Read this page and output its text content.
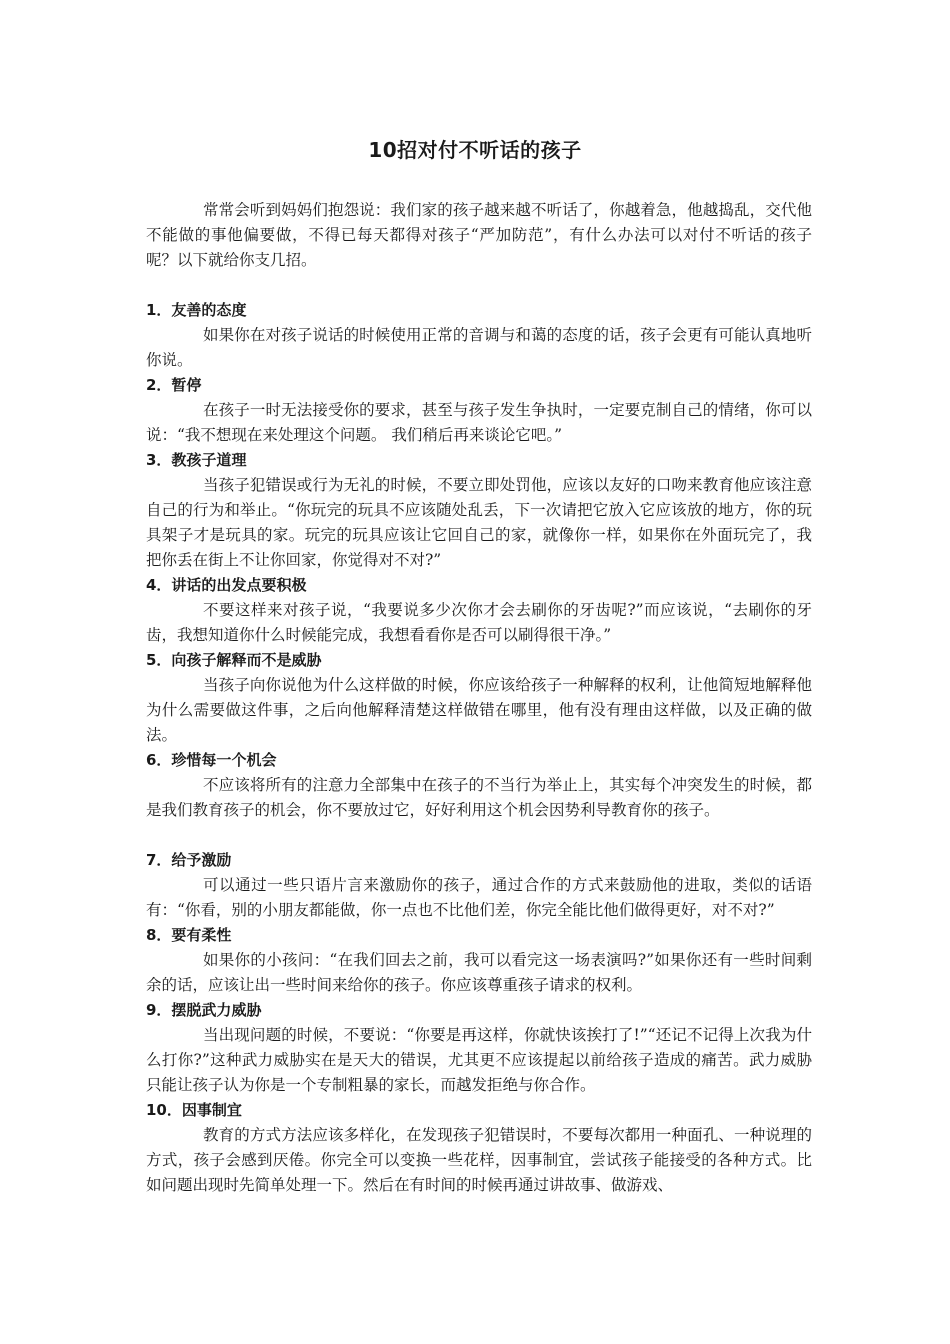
10招对付不听话的孩子

常常会听到妈妈们抱怨说：我们家的孩子越来越不听话了，你越着急，他越捣乱，交代他不能做的事他偏要做，不得已每天都得对孩子“严加防范”，有什么办法可以对付不听话的孩子呢？以下就给你支几招。

1．友善的态度

如果你在对孩子说话的时候使用正常的音调与和蔼的态度的话，孩子会更有可能认真地听你说。

2．暂停

在孩子一时无法接受你的要求，甚至与孩子发生争执时，一定要克制自己的情绪，你可以说：“我不想现在来处理这个问题。 我们稍后再来谈论它吧。”

3．教孩子道理

当孩子犯错误或行为无礼的时候，不要立即处罚他，应该以友好的口吻来教育他应该注意自己的行为和举止。“你玩完的玩具不应该随处乱丢，下一次请把它放入它应该放的地方，你的玩具架子才是玩具的家。玩完的玩具应该让它回自己的家，就像你一样，如果你在外面玩完了，我把你丢在街上不让你回家，你觉得对不对?”

4．讲话的出发点要积极

不要这样来对孩子说，“我要说多少次你才会去刷你的牙齿呢?”而应该说，“去刷你的牙齿，我想知道你什么时候能完成，我想看看你是否可以刷得很干净。”

5．向孩子解释而不是威胁

当孩子向你说他为什么这样做的时候，你应该给孩子一种解释的权利，让他简短地解释他为什么需要做这件事，之后向他解释清楚这样做错在哪里，他有没有理由这样做，以及正确的做法。

6．珍惜每一个机会

不应该将所有的注意力全部集中在孩子的不当行为举止上，其实每个冲突发生的时候，都是我们教育孩子的机会，你不要放过它，好好利用这个机会因势利导教育你的孩子。

7．给予激励

可以通过一些只语片言来激励你的孩子，通过合作的方式来鼓励他的进取，类似的话语有：“你看，别的小朋友都能做，你一点也不比他们差，你完全能比他们做得更好，对不对?”

8．要有柔性

如果你的小孩问：“在我们回去之前，我可以看完这一场表演吗?”如果你还有一些时间剩余的话，应该让出一些时间来给你的孩子。你应该尊重孩子请求的权利。

9．摆脱武力威胁

当出现问题的时候，不要说：“你要是再这样，你就快该挨打了!”“还记不记得上次我为什么打你?”这种武力威胁实在是天大的错误，尤其更不应该提起以前给孩子造成的痛苦。武力威胁只能让孩子认为你是一个专制粗暴的家长，而越发拒绝与你合作。

10．因事制宜

教育的方式方法应该多样化，在发现孩子犯错误时，不要每次都用一种面孔、一种说理的方式，孩子会感到厌倦。你完全可以变换一些花样，因事制宜，尝试孩子能接受的各种方式。比如问题出现时先简单处理一下。然后在有时间的时候再通过讲故事、做游戏、
